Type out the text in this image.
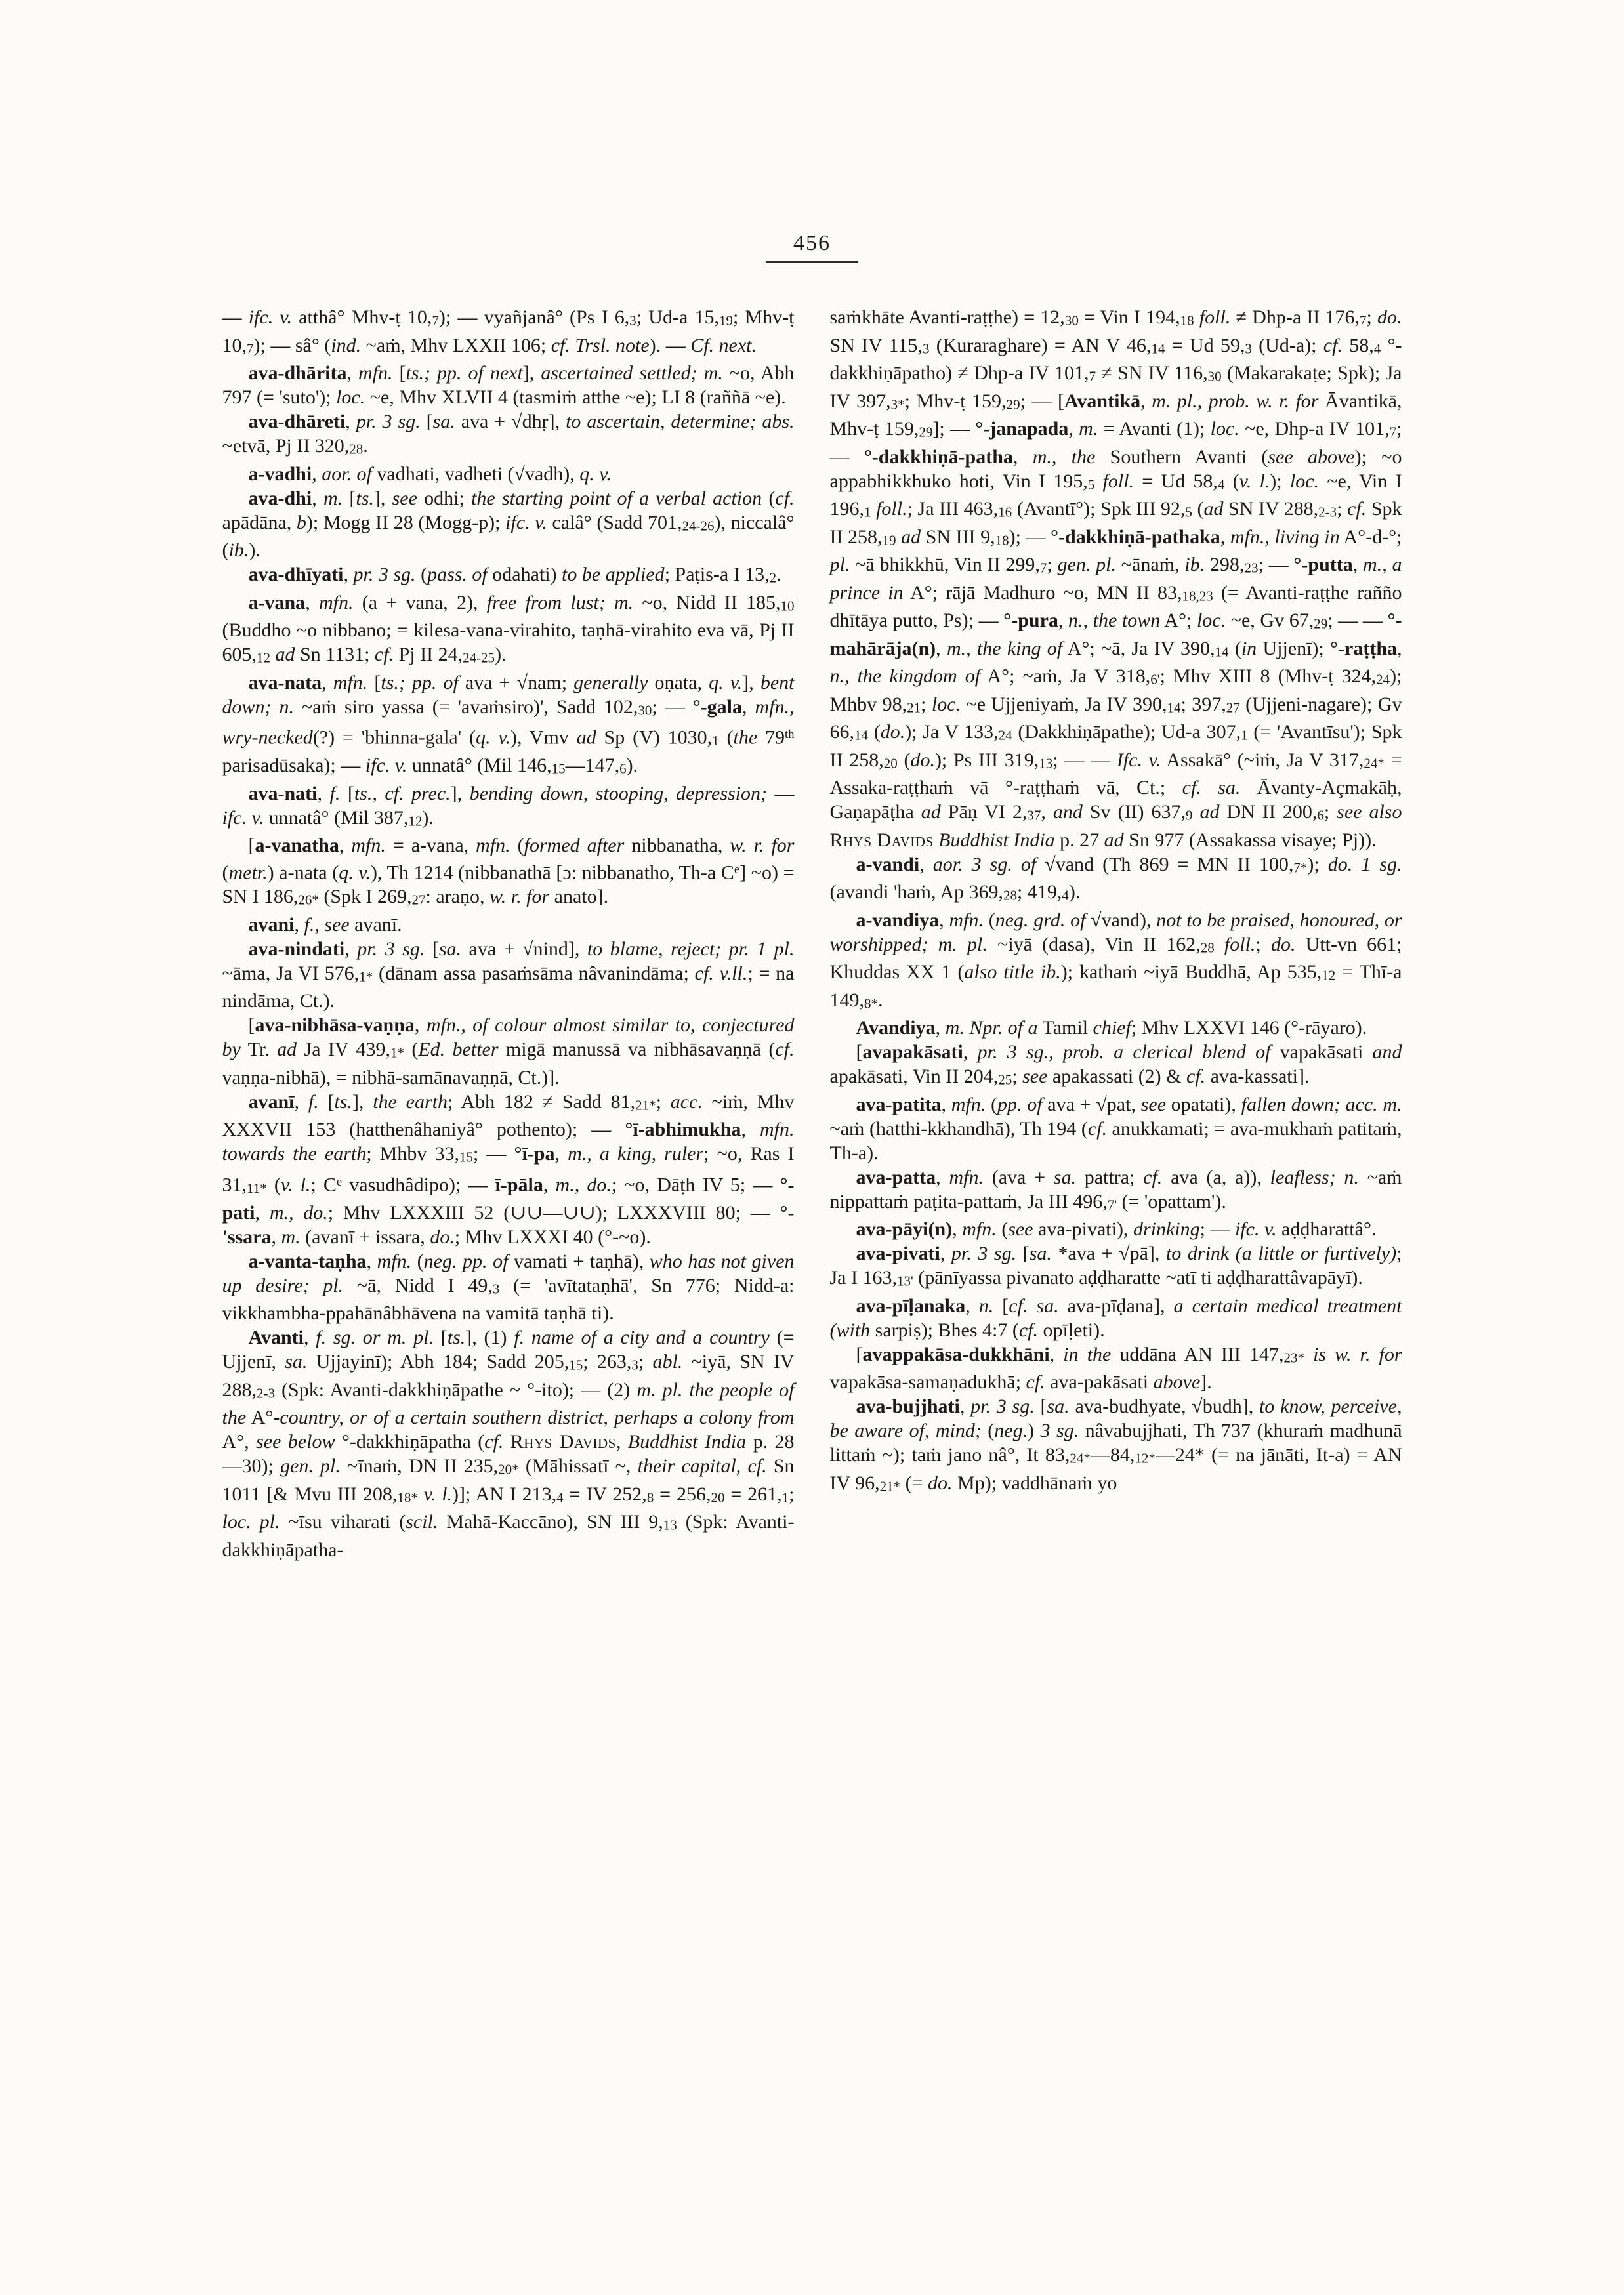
456

— ifc. v. atthâ° Mhv-ṭ 10,7); — vyañjanâ° (Ps I 6,3; Ud-a 15,19; Mhv-ṭ 10,7); — sâ° (ind. ~aṁ, Mhv LXXII 106; cf. Trsl. note). — Cf. next.

ava-dhārita, mfn. [ts.; pp. of next], ascertained settled; m. ~o, Abh 797 (= 'suto'); loc. ~e, Mhv XLVII 4 (tasmiṁ atthe ~e); LI 8 (raññā ~e).

ava-dhāreti, pr. 3 sg. [sa. ava + √dhṛ], to ascertain, determine; abs. ~etvā, Pj II 320,28.

a-vadhi, aor. of vadhati, vadheti (√vadh), q. v.

ava-dhi, m. [ts.], see odhi; the starting point of a verbal action (cf. apādāna, b); Mogg II 28 (Mogg-p); ifc. v. calâ° (Sadd 701,24-26), niccalâ° (ib.).

ava-dhīyati, pr. 3 sg. (pass. of odahati) to be applied; Paṭis-a I 13,2.

a-vana, mfn. (a + vana, 2), free from lust; m. ~o, Nidd II 185,10 (Buddho ~o nibbano; = kilesa-vana-virahito, taṇhā-virahito eva vā, Pj II 605,12 ad Sn 1131; cf. Pj II 24,24-25).

ava-nata, mfn. [ts.; pp. of ava + √nam; generally oṇata, q. v.], bent down; n. ~aṁ siro yassa (= 'avaṁsiro)', Sadd 102,30; — °-gala, mfn., wry-necked(?) = 'bhinna-gala' (q. v.), Vmv ad Sp (V) 1030,1 (the 79th parisadūsaka); — ifc. v. unnatâ° (Mil 146,15—147,6).

ava-nati, f. [ts., cf. prec.], bending down, stooping, depression; — ifc. v. unnatâ° (Mil 387,12).

[a-vanatha, mfn. = a-vana, mfn. (formed after nibbanatha, w. r. for (metr.) a-nata (q. v.), Th 1214 (nibbanathā [ɔ: nibbanatho, Th-a Ce] ~o) = SN I 186,26* (Spk I 269,27: araṇo, w. r. for anato].

avani, f., see avanī.

ava-nindati, pr. 3 sg. [sa. ava + √nind], to blame, reject; pr. 1 pl. ~āma, Ja VI 576,1* (dānam assa pasaṁsāma nâvanindāma; cf. v.ll.; = na nindāma, Ct.).

[ava-nibhāsa-vaṇṇa, mfn., of colour almost similar to, conjectured by Tr. ad Ja IV 439,1* (Ed. better migā manussā va nibhāsavaṇṇā (cf. vaṇṇa-nibhā), = nibhā-samānavaṇṇā, Ct.)].

avanī, f. [ts.], the earth; Abh 182 ≠ Sadd 81,21*; acc. ~iṁ, Mhv XXXVII 153 (hatthenâhaniyâ° pothento); — °ī-abhimukha, mfn. towards the earth; Mhbv 33,15; — °ī-pa, m., a king, ruler; ~o, Ras I 31,11* (v. l.; Ce vasudhâdipo); — ī-pāla, m., do.; ~o, Dāṭh IV 5; — °-pati, m., do.; Mhv LXXXIII 52 (∪∪—∪∪); LXXXVIII 80; — °-'ssara, m. (avanī + issara, do.; Mhv LXXXI 40 (°-~o).

a-vanta-taṇha, mfn. (neg. pp. of vamati + taṇhā), who has not given up desire; pl. ~ā, Nidd I 49,3 (= 'avītataṇhā', Sn 776; Nidd-a: vikkhambha-ppahānâbhāvena na vamitā taṇhā ti).

Avanti, f. sg. or m. pl. [ts.], (1) f. name of a city and a country (= Ujjenī, sa. Ujjayinī); Abh 184; Sadd 205,15; 263,3; abl. ~iyā, SN IV 288,2-3 (Spk: Avanti-dakkhiṇāpathe ~ °-ito); — (2) m. pl. the people of the A°-country, or of a certain southern district, perhaps a colony from A°, see below °-dakkhiṇāpatha (cf. Rhys Davids, Buddhist India p. 28—30); gen. pl. ~īnaṁ, DN II 235,20* (Māhissatī ~, their capital, cf. Sn 1011 [& Mvu III 208,18* v. l.)]; AN I 213,4 = IV 252,8 = 256,20 = 261,1; loc. pl. ~īsu viharati (scil. Mahā-Kaccāno), SN III 9,13 (Spk: Avanti-dakkhiṇāpatha-

saṁkhāte Avanti-raṭṭhe) = 12,30 = Vin I 194,18 foll. ≠ Dhp-a II 176,7; do. SN IV 115,3 (Kuraraghare) = AN V 46,14 = Ud 59,3 (Ud-a); cf. 58,4 °-dakkhiṇāpatho) ≠ Dhp-a IV 101,7 ≠ SN IV 116,30 (Makarakaṭe; Spk); Ja IV 397,3*; Mhv-ṭ 159,29; — [Avantikā, m. pl., prob. w. r. for Āvantikā, Mhv-ṭ 159,29]; — °-janapada, m. = Avanti (1); loc. ~e, Dhp-a IV 101,7; — °-dakkhiṇā-patha, m., the Southern Avanti (see above); ~o appabhikkhuko hoti, Vin I 195,5 foll. = Ud 58,4 (v. l.); loc. ~e, Vin I 196,1 foll.; Ja III 463,16 (Avantī°); Spk III 92,5 (ad SN IV 288,2-3; cf. Spk II 258,19 ad SN III 9,18); — °-dakkhiṇā-pathaka, mfn., living in A°-d-°; pl. ~ā bhikkhū, Vin II 299,7; gen. pl. ~ānaṁ, ib. 298,23; — °-putta, m., a prince in A°; rājā Madhuro ~o, MN II 83,18,23 (= Avanti-raṭṭhe rañño dhītāya putto, Ps); — °-pura, n., the town A°; loc. ~e, Gv 67,29; — — °-mahārāja(n), m., the king of A°; ~ā, Ja IV 390,14 (in Ujjenī); °-raṭṭha, n., the kingdom of A°; ~aṁ, Ja V 318,6'; Mhv XIII 8 (Mhv-ṭ 324,24); Mhbv 98,21; loc. ~e Ujjeniyaṁ, Ja IV 390,14; 397,27 (Ujjeni-nagare); Gv 66,14 (do.); Ja V 133,24 (Dakkhiṇāpathe); Ud-a 307,1 (= 'Avantīsu'); Spk II 258,20 (do.); Ps III 319,13; — — Ifc. v. Assakā° (~iṁ, Ja V 317,24* = Assaka-raṭṭhaṁ vā °-raṭṭhaṁ vā, Ct.; cf. sa. Āvanty-Açmakāḥ, Gaṇapāṭha ad Pāṇ VI 2,37, and Sv (II) 637,9 ad DN II 200,6; see also Rhys Davids Buddhist India p. 27 ad Sn 977 (Assakassa visaye; Pj)).

a-vandi, aor. 3 sg. of √vand (Th 869 = MN II 100,7*); do. 1 sg. (avandi 'haṁ, Ap 369,28; 419,4).

a-vandiya, mfn. (neg. grd. of √vand), not to be praised, honoured, or worshipped; m. pl. ~iyā (dasa), Vin II 162,28 foll.; do. Utt-vn 661; Khuddas XX 1 (also title ib.); kathaṁ ~iyā Buddhā, Ap 535,12 = Thī-a 149,8*.

Avandiya, m. Npr. of a Tamil chief; Mhv LXXVI 146 (°-rāyaro).

[avapakāsati, pr. 3 sg., prob. a clerical blend of vapakāsati and apakāsati, Vin II 204,25; see apakassati (2) & cf. ava-kassati].

ava-patita, mfn. (pp. of ava + √pat, see opatati), fallen down; acc. m. ~aṁ (hatthi-kkhandhā), Th 194 (cf. anukkamati; = ava-mukhaṁ patitaṁ, Th-a).

ava-patta, mfn. (ava + sa. pattra; cf. ava (a, a)), leafless; n. ~aṁ nippattaṁ paṭita-pattaṁ, Ja III 496,7' (= 'opattam').

ava-pāyi(n), mfn. (see ava-pivati), drinking; — ifc. v. aḍḍharattâ°.

ava-pivati, pr. 3 sg. [sa. *ava + √pā], to drink (a little or furtively); Ja I 163,13' (pānīyassa pivanato aḍḍharatte ~atī ti aḍḍharattâvapāyī).

ava-pīḷanaka, n. [cf. sa. ava-pīḍana], a certain medical treatment (with sarpiṣ); Bhes 4:7 (cf. opīḷeti).

[avappakāsa-dukkhāni, in the uddāna AN III 147,23* is w. r. for vapakāsa-samaṇadukhā; cf. ava-pakāsati above].

ava-bujjhati, pr. 3 sg. [sa. ava-budhyate, √budh], to know, perceive, be aware of, mind; (neg.) 3 sg. nâvabujjhati, Th 737 (khuraṁ madhunā littaṁ ~); taṁ jano nâ°, It 83,24*—84,12*—24* (= na jānāti, It-a) = AN IV 96,21* (= do. Mp); vaddhānaṁ yo
